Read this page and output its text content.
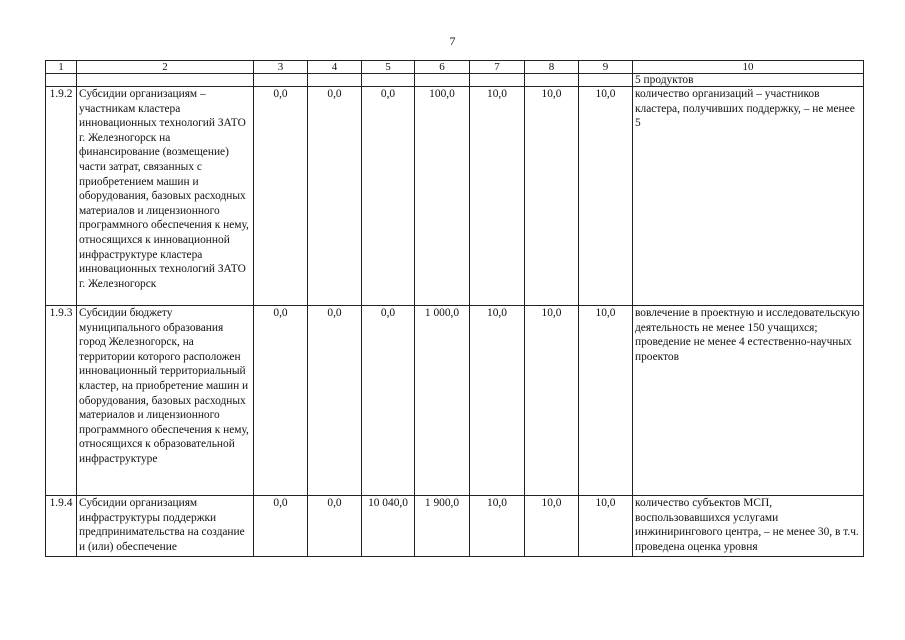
7
1	2	3	4	5	6	7	8	9	10
									5 продуктов
1.9.2	Субсидии организациям – участникам кластера инновационных технологий ЗАТО г. Железногорск на финансирование (возмещение) части затрат, связанных с приобретением машин и оборудования, базовых расходных материалов и лицензионного программного обеспечения к нему, относящихся к инновационной инфраструктуре кластера инновационных технологий ЗАТО г. Железногорск	0,0	0,0	0,0	100,0	10,0	10,0	10,0	количество организаций – участников кластера, получивших поддержку, – не менее 5
1.9.3	Субсидии бюджету муниципального образования город Железногорск, на территории которого расположен инновационный территориальный кластер, на приобретение машин и оборудования, базовых расходных материалов и лицензионного программного обеспечения к нему, относящихся к образовательной инфраструктуре	0,0	0,0	0,0	1 000,0	10,0	10,0	10,0	вовлечение в проектную и исследовательскую деятельность не менее 150 учащихся; проведение не менее 4 естественно-научных проектов
1.9.4	Субсидии организациям инфраструктуры поддержки предпринимательства на создание и (или) обеспечение	0,0	0,0	10 040,0	1 900,0	10,0	10,0	10,0	количество субъектов МСП, воспользовавшихся услугами инжинирингового центра, – не менее 30, в т.ч. проведена оценка уровня
